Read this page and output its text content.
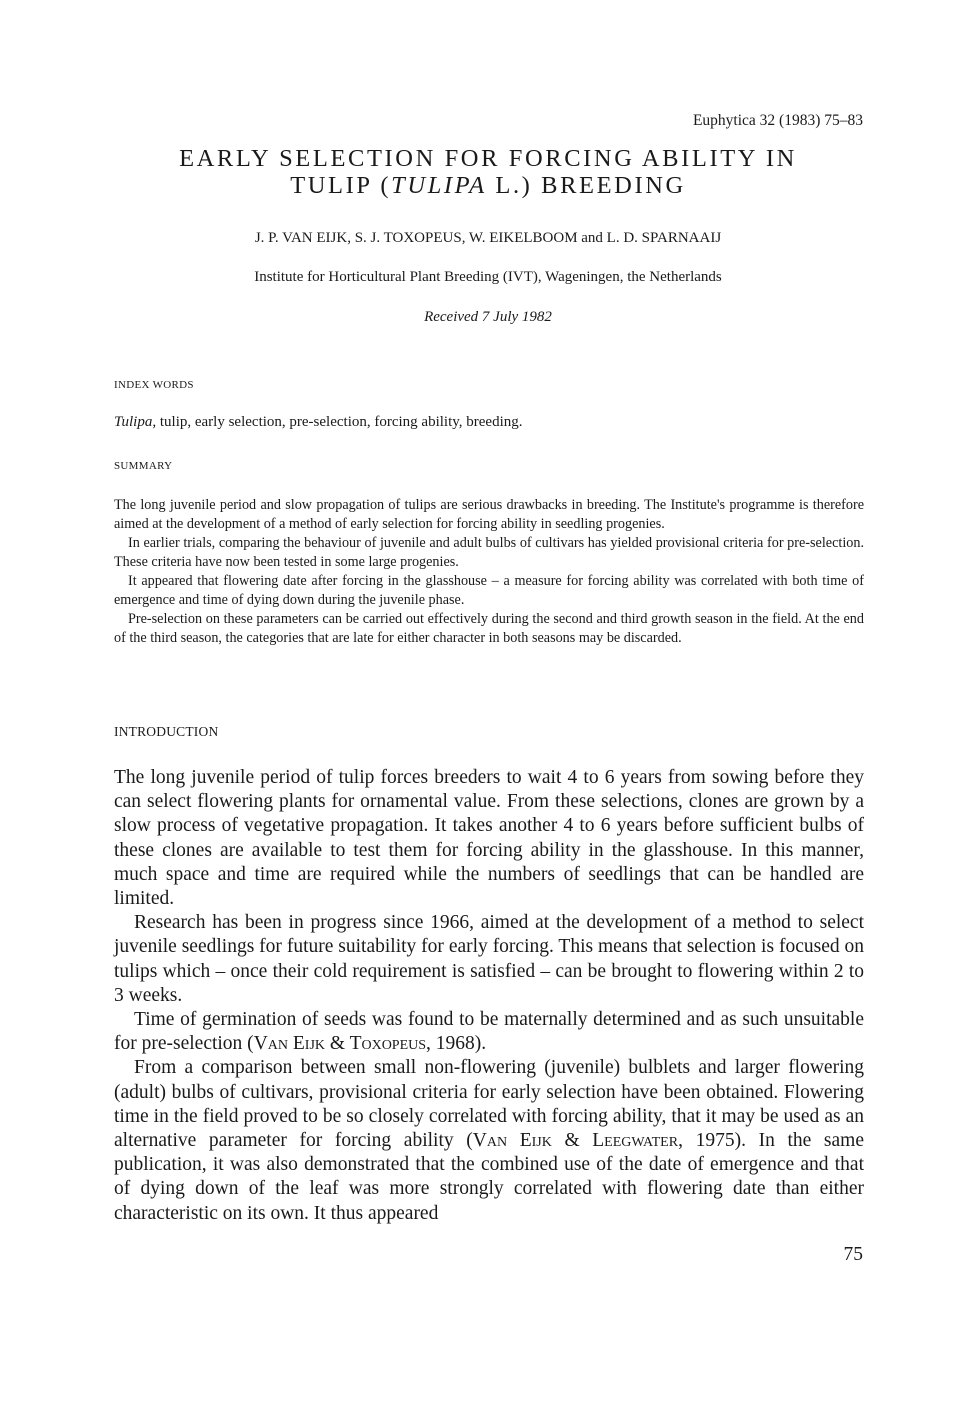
Euphytica 32 (1983) 75–83
EARLY SELECTION FOR FORCING ABILITY IN
TULIP (TULIPA L.) BREEDING
J. P. VAN EIJK, S. J. TOXOPEUS, W. EIKELBOOM and L. D. SPARNAAIJ
Institute for Horticultural Plant Breeding (IVT), Wageningen, the Netherlands
Received 7 July 1982
INDEX WORDS
Tulipa, tulip, early selection, pre-selection, forcing ability, breeding.
SUMMARY

The long juvenile period and slow propagation of tulips are serious drawbacks in breeding. The Institute's programme is therefore aimed at the development of a method of early selection for forcing ability in seedling progenies.

In earlier trials, comparing the behaviour of juvenile and adult bulbs of cultivars has yielded provisional criteria for pre-selection. These criteria have now been tested in some large progenies.

It appeared that flowering date after forcing in the glasshouse – a measure for forcing ability was correlated with both time of emergence and time of dying down during the juvenile phase.

Pre-selection on these parameters can be carried out effectively during the second and third growth season in the field. At the end of the third season, the categories that are late for either character in both seasons may be discarded.

INTRODUCTION

The long juvenile period of tulip forces breeders to wait 4 to 6 years from sowing before they can select flowering plants for ornamental value. From these selections, clones are grown by a slow process of vegetative propagation. It takes another 4 to 6 years before sufficient bulbs of these clones are available to test them for forcing ability in the glasshouse. In this manner, much space and time are required while the numbers of seedlings that can be handled are limited.

Research has been in progress since 1966, aimed at the development of a method to select juvenile seedlings for future suitability for early forcing. This means that selection is focused on tulips which – once their cold requirement is satisfied – can be brought to flowering within 2 to 3 weeks.

Time of germination of seeds was found to be maternally determined and as such unsuitable for pre-selection (Van Eijk & Toxopeus, 1968).

From a comparison between small non-flowering (juvenile) bulblets and larger flowering (adult) bulbs of cultivars, provisional criteria for early selection have been obtained. Flowering time in the field proved to be so closely correlated with forcing ability, that it may be used as an alternative parameter for forcing ability (Van Eijk & Leegwater, 1975). In the same publication, it was also demonstrated that the combined use of the date of emergence and that of dying down of the leaf was more strongly correlated with flowering date than either characteristic on its own. It thus appeared

75
